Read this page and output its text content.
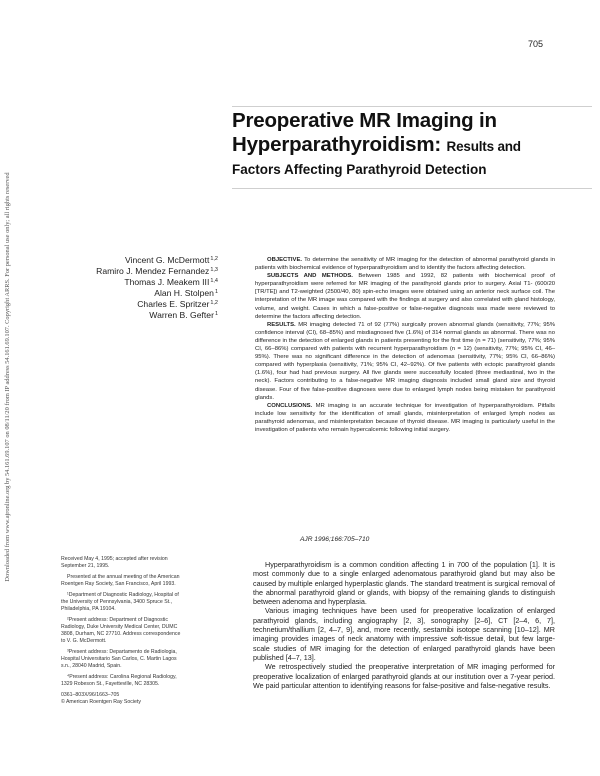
Downloaded from www.ajronline.org by 54.161.69.107 on 08/11/20 from IP address 54.161.69.107. Copyright ARRS. For personal use only; all rights reserved
705
Preoperative MR Imaging in
Hyperparathyroidism: Results and
Factors Affecting Parathyroid Detection
Vincent G. McDermott$^{1,2}$
Ramiro J. Mendez Fernandez$^{1,3}$
Thomas J. Meakem III$^{1,4}$
Alan H. Stolpen$^1$
Charles E. Spritzer$^{1,2}$
Warren B. Gefter$^1$

OBJECTIVE. To determine the sensitivity of MR imaging for the detection of abnormal parathyroid glands in patients with biochemical evidence of hyperparathyroidism and to identify the factors affecting detection.

SUBJECTS AND METHODS. Between 1985 and 1992, 82 patients with biochemical proof of hyperparathyroidism were referred for MR imaging of the parathyroid glands prior to surgery. Axial T1- (600/20 [TR/TE]) and T2-weighted (2500/40, 80) spin-echo images were obtained using an anterior neck surface coil. The interpretation of the MR image was compared with the findings at surgery and also correlated with gland histology, volume, and weight. Cases in which a false-positive or false-negative diagnosis was made were reviewed to determine the factors affecting detection.

RESULTS. MR imaging detected 71 of 92 (77%) surgically proven abnormal glands (sensitivity, 77%; 95% confidence interval (CI), 68–85%) and misdiagnosed five (1.6%) of 314 normal glands as abnormal. There was no difference in the detection of enlarged glands in patients presenting for the first time (n = 71) (sensitivity, 77%; 95% CI, 66–86%) compared with patients with recurrent hyperparathyroidism (n = 12) (sensitivity, 77%; 95% CI, 46–95%). There was no significant difference in the detection of adenomas (sensitivity, 77%; 95% CI, 66–86%) compared with hyperplasia (sensitivity, 71%; 95% CI, 42–92%). Of five patients with ectopic parathyroid glands (1.6%), four had had previous surgery. All five glands were successfully located (three mediastinal, two in the neck). Factors contributing to a false-negative MR imaging diagnosis included small gland size and thyroid disease. Four of five false-positive diagnoses were due to enlarged lymph nodes being mistaken for parathyroid glands.

CONCLUSIONS. MR imaging is an accurate technique for investigation of hyperparathyroidism. Pitfalls include low sensitivity for the identification of small glands, misinterpretation of enlarged lymph nodes as parathyroid adenomas, and misinterpretation because of thyroid disease. MR imaging is particularly useful in the investigation of patients who remain hypercalcemic following initial surgery.

AJR 1996;166:705–710

Received May 4, 1995; accepted after revision September 21, 1995.

Presented at the annual meeting of the American Roentgen Ray Society, San Francisco, April 1993.

¹Department of Diagnostic Radiology, Hospital of the University of Pennsylvania, 3400 Spruce St., Philadelphia, PA 19104.

²Present address: Department of Diagnostic Radiology, Duke University Medical Center, DUMC 3808, Durham, NC 27710. Address correspondence to V. G. McDermott.

³Present address: Departamento de Radiologia, Hospital Universitario San Carlos, C. Martin Lagos s.n., 28040 Madrid, Spain.

⁴Present address: Carolina Regional Radiology, 1329 Robeson St., Fayetteville, NC 28305.

0361–803X/96/1663–705

© American Roentgen Ray Society

Hyperparathyroidism is a common condition affecting 1 in 700 of the population [1]. It is most commonly due to a single enlarged adenomatous parathyroid gland but may also be caused by multiple enlarged hyperplastic glands. The standard treatment is surgical removal of the abnormal parathyroid gland or glands, with biopsy of the remaining glands to distinguish between adenoma and hyperplasia.

Various imaging techniques have been used for preoperative localization of enlarged parathyroid glands, including angiography [2, 3], sonography [2–6], CT [2–4, 6, 7], technetium/thallium [2, 4–7, 9], and, more recently, sestamibi isotope scanning [10–12]. MR imaging provides images of neck anatomy with impressive soft-tissue detail, but few large-scale studies of MR imaging for the detection of enlarged parathyroid glands have been published [4–7, 13].

We retrospectively studied the preoperative interpretation of MR imaging performed for preoperative localization of enlarged parathyroid glands at our institution over a 7-year period. We paid particular attention to identifying reasons for false-positive and false-negative results.
